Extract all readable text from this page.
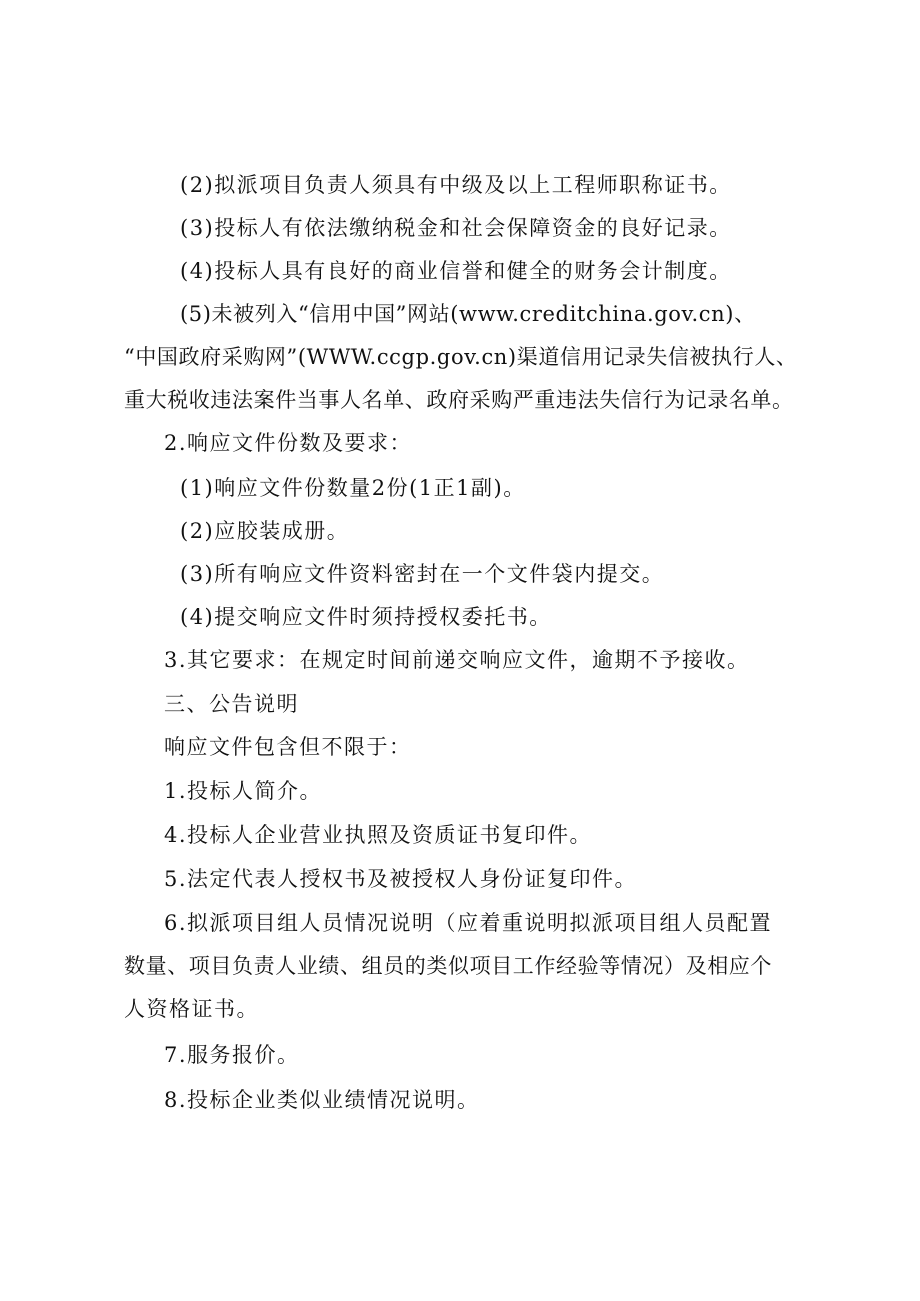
(2)拟派项目负责人须具有中级及以上工程师职称证书。
(3)投标人有依法缴纳税金和社会保障资金的良好记录。
(4)投标人具有良好的商业信誉和健全的财务会计制度。
(5)未被列入“信用中国”网站(www.creditchina.gov.cn)、
“中国政府采购网”(WWW.ccgp.gov.cn)渠道信用记录失信被执行人、
重大税收违法案件当事人名单、政府采购严重违法失信行为记录名单。
2.响应文件份数及要求：
(1)响应文件份数量2份(1正1副)。
(2)应胶装成册。
(3)所有响应文件资料密封在一个文件袋内提交。
(4)提交响应文件时须持授权委托书。
3.其它要求：在规定时间前递交响应文件，逾期不予接收。
三、公告说明
响应文件包含但不限于：
1.投标人简介。
4.投标人企业营业执照及资质证书复印件。
5.法定代表人授权书及被授权人身份证复印件。
6.拟派项目组人员情况说明（应着重说明拟派项目组人员配置
数量、项目负责人业绩、组员的类似项目工作经验等情况）及相应个
人资格证书。
7.服务报价。
8.投标企业类似业绩情况说明。
